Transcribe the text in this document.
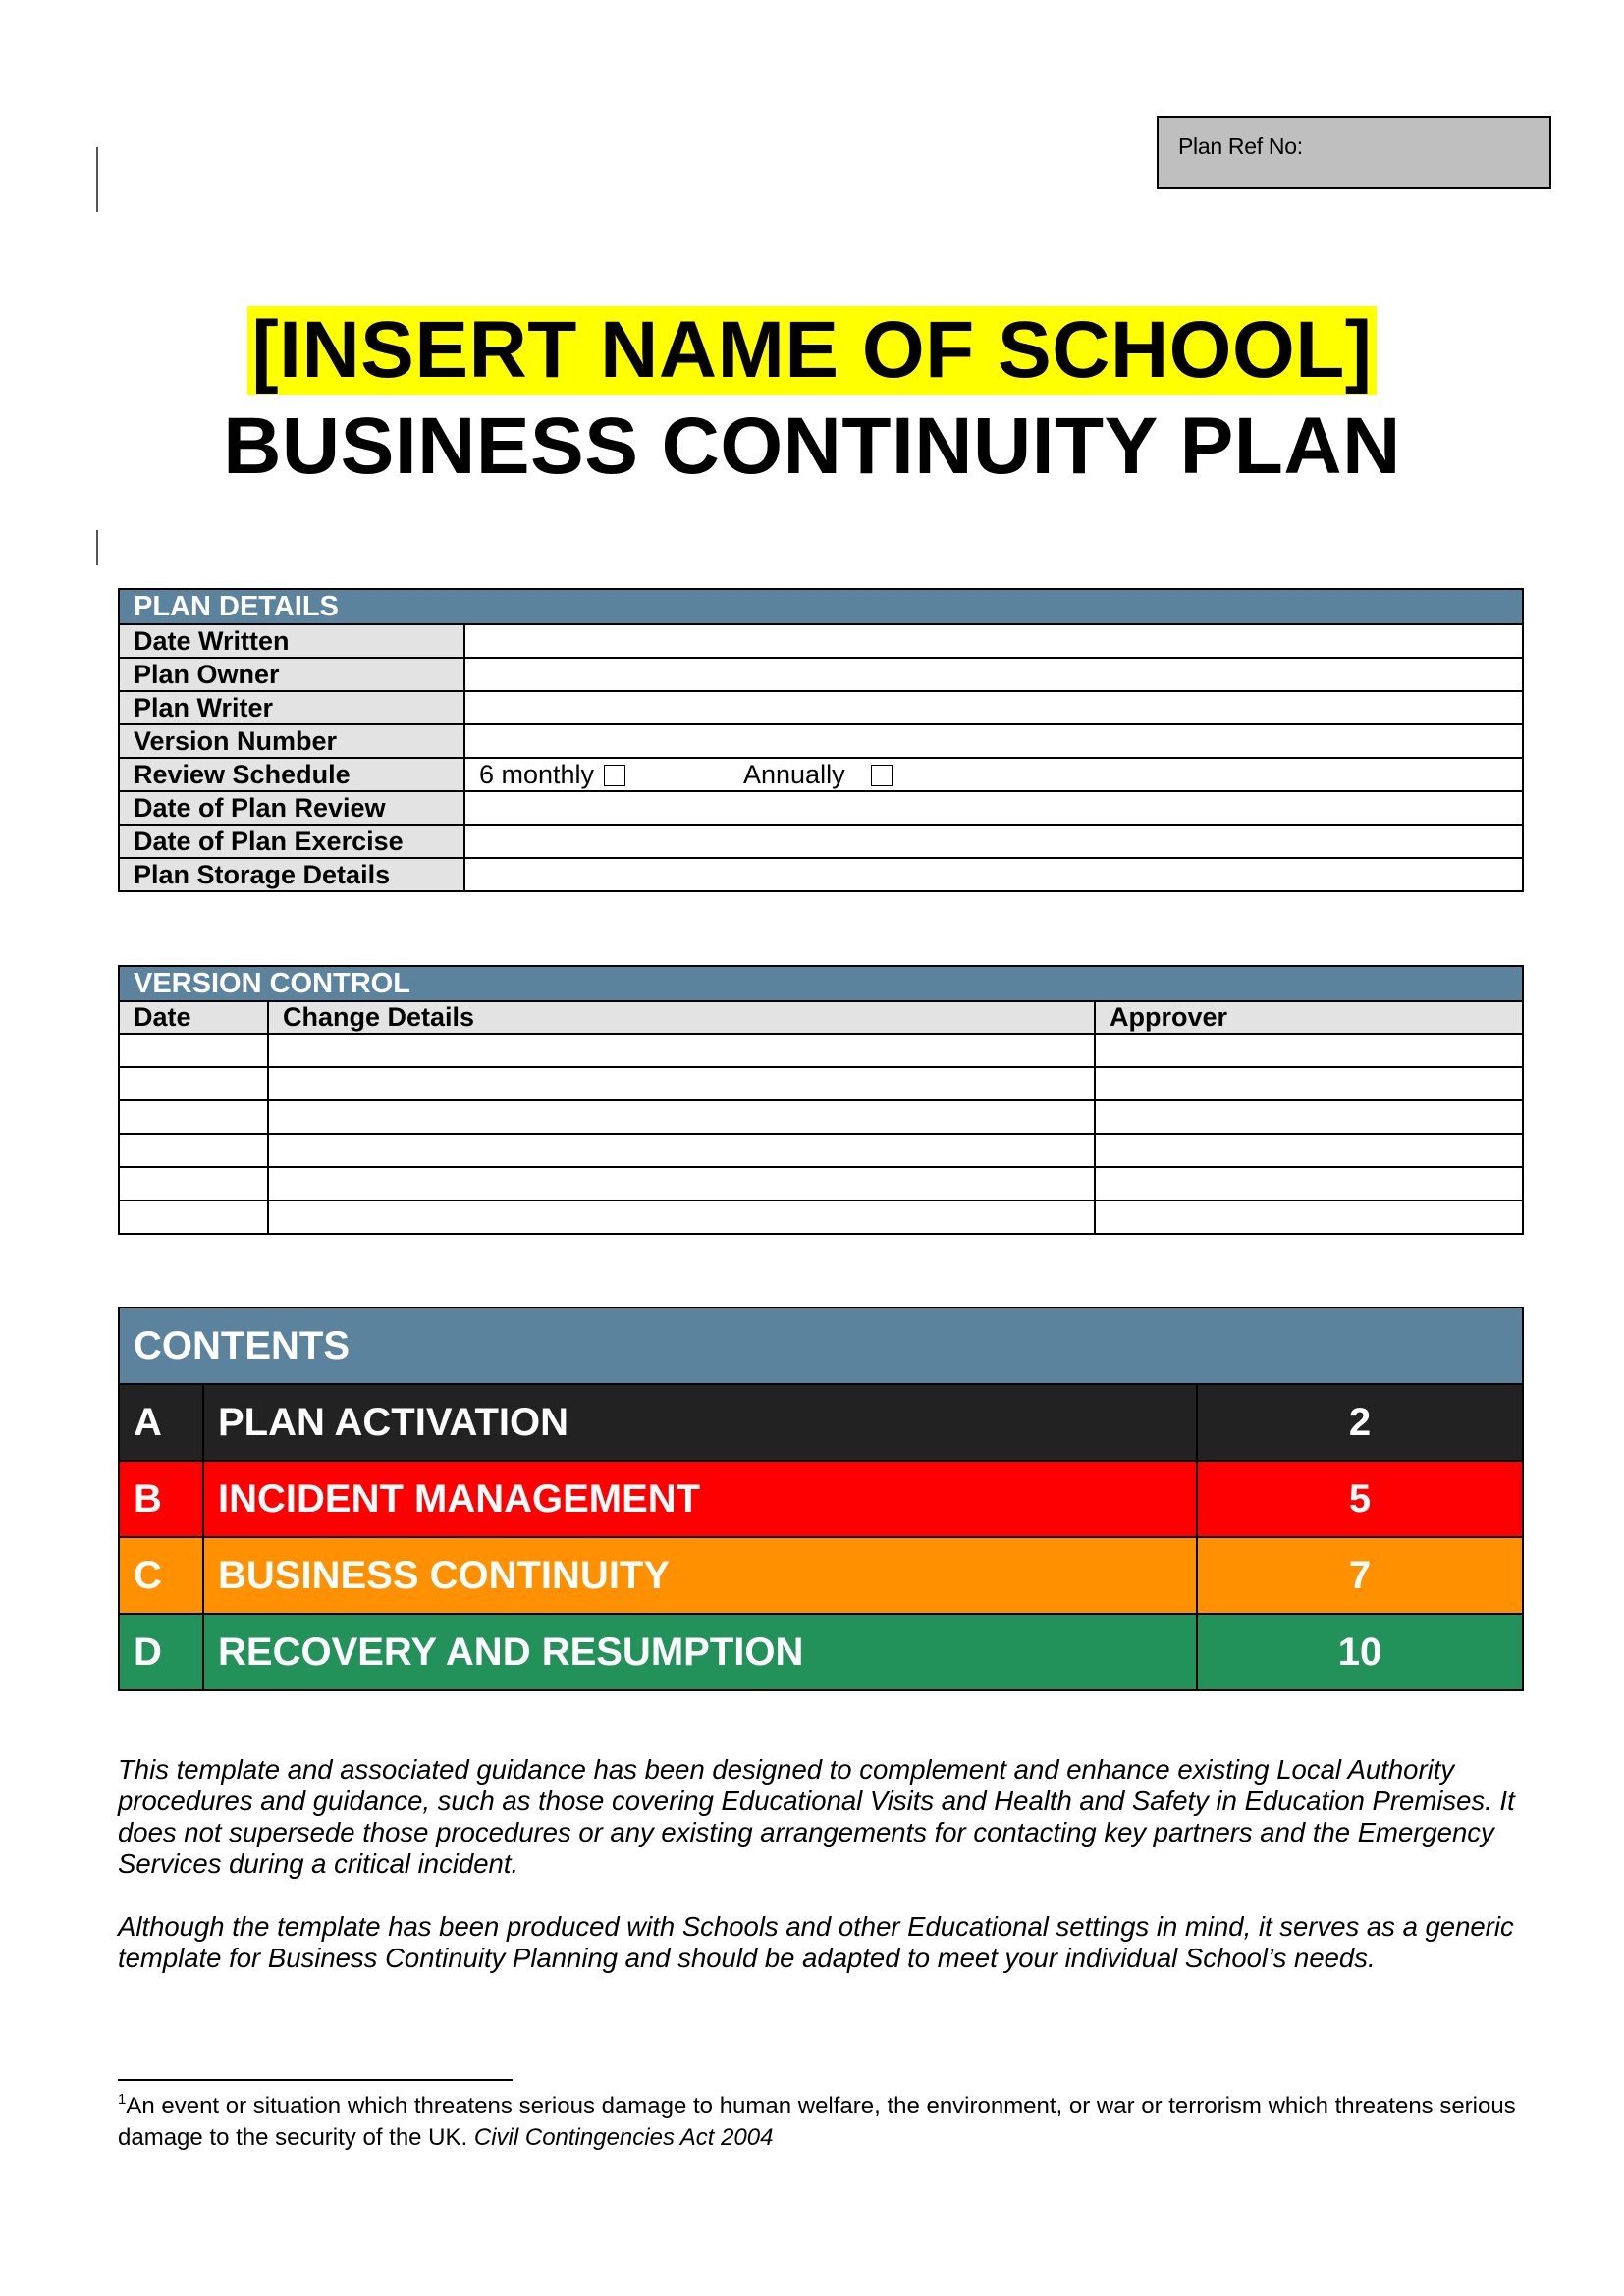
Plan Ref No:
[INSERT NAME OF SCHOOL]
BUSINESS CONTINUITY PLAN
PLAN DETAILS	
Date Written	
Plan Owner	
Plan Writer	
Version Number	
Review Schedule	6 monthly Annually
Date of Plan Review	
Date of Plan Exercise	
Plan Storage Details	
VERSION CONTROL		
Date	Change Details	Approver

CONTENTS		
A	PLAN ACTIVATION	2
B	INCIDENT MANAGEMENT	5
C	BUSINESS CONTINUITY	7
D	RECOVERY AND RESUMPTION	10

This template and associated guidance has been designed to complement and enhance existing Local Authority procedures and guidance, such as those covering Educational Visits and Health and Safety in Education Premises. It does not supersede those procedures or any existing arrangements for contacting key partners and the Emergency Services during a critical incident.

Although the template has been produced with Schools and other Educational settings in mind, it serves as a generic template for Business Continuity Planning and should be adapted to meet your individual School’s needs.

$^1$An event or situation which threatens serious damage to human welfare, the environment, or war or terrorism which threatens serious damage to the security of the UK. Civil Contingencies Act 2004
